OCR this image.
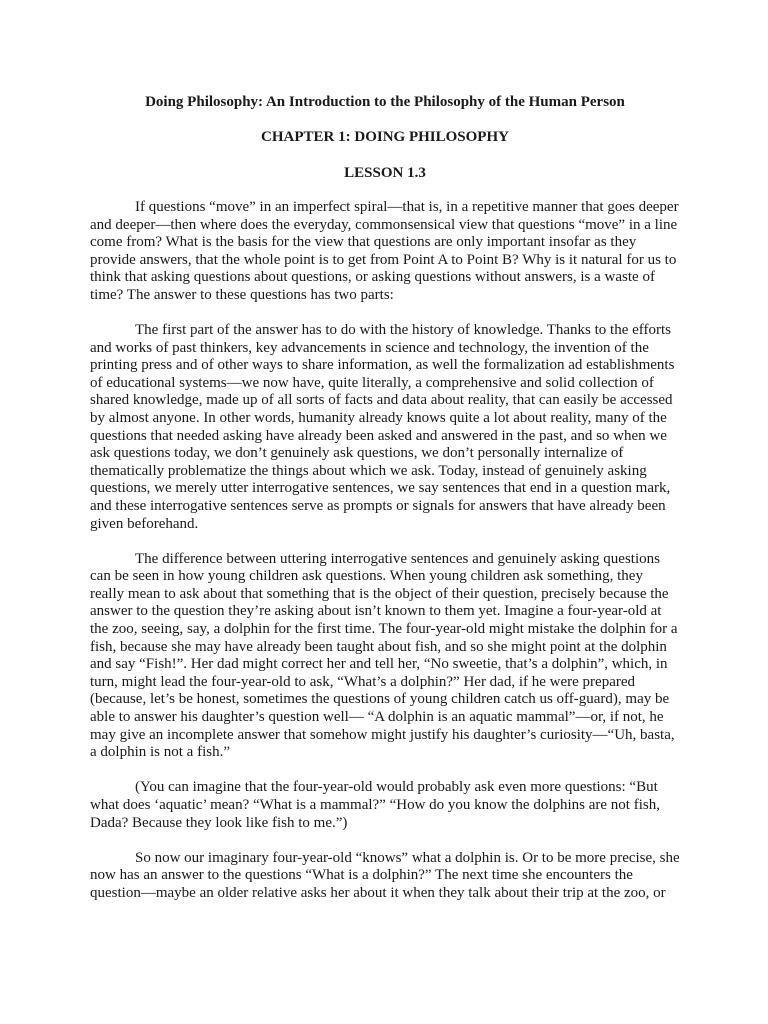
Doing Philosophy: An Introduction to the Philosophy of the Human Person
CHAPTER 1: DOING PHILOSOPHY
LESSON 1.3

If questions “move” in an imperfect spiral—that is, in a repetitive manner that goes deeper and deeper—then where does the everyday, commonsensical view that questions “move” in a line come from? What is the basis for the view that questions are only important insofar as they provide answers, that the whole point is to get from Point A to Point B? Why is it natural for us to think that asking questions about questions, or asking questions without answers, is a waste of time? The answer to these questions has two parts:

The first part of the answer has to do with the history of knowledge. Thanks to the efforts and works of past thinkers, key advancements in science and technology, the invention of the printing press and of other ways to share information, as well the formalization ad establishments of educational systems—we now have, quite literally, a comprehensive and solid collection of shared knowledge, made up of all sorts of facts and data about reality, that can easily be accessed by almost anyone. In other words, humanity already knows quite a lot about reality, many of the questions that needed asking have already been asked and answered in the past, and so when we ask questions today, we don’t genuinely ask questions, we don’t personally internalize of thematically problematize the things about which we ask. Today, instead of genuinely asking questions, we merely utter interrogative sentences, we say sentences that end in a question mark, and these interrogative sentences serve as prompts or signals for answers that have already been given beforehand.

The difference between uttering interrogative sentences and genuinely asking questions can be seen in how young children ask questions. When young children ask something, they really mean to ask about that something that is the object of their question, precisely because the answer to the question they’re asking about isn’t known to them yet. Imagine a four-year-old at the zoo, seeing, say, a dolphin for the first time. The four-year-old might mistake the dolphin for a fish, because she may have already been taught about fish, and so she might point at the dolphin and say “Fish!”. Her dad might correct her and tell her, “No sweetie, that’s a dolphin”, which, in turn, might lead the four-year-old to ask, “What’s a dolphin?” Her dad, if he were prepared (because, let’s be honest, sometimes the questions of young children catch us off-guard), may be able to answer his daughter’s question well— “A dolphin is an aquatic mammal”—or, if not, he may give an incomplete answer that somehow might justify his daughter’s curiosity—“Uh, basta, a dolphin is not a fish.”

(You can imagine that the four-year-old would probably ask even more questions: “But what does ‘aquatic’ mean? “What is a mammal?” “How do you know the dolphins are not fish, Dada? Because they look like fish to me.”)

So now our imaginary four-year-old “knows” what a dolphin is. Or to be more precise, she now has an answer to the questions “What is a dolphin?” The next time she encounters the question—maybe an older relative asks her about it when they talk about their trip at the zoo, or
